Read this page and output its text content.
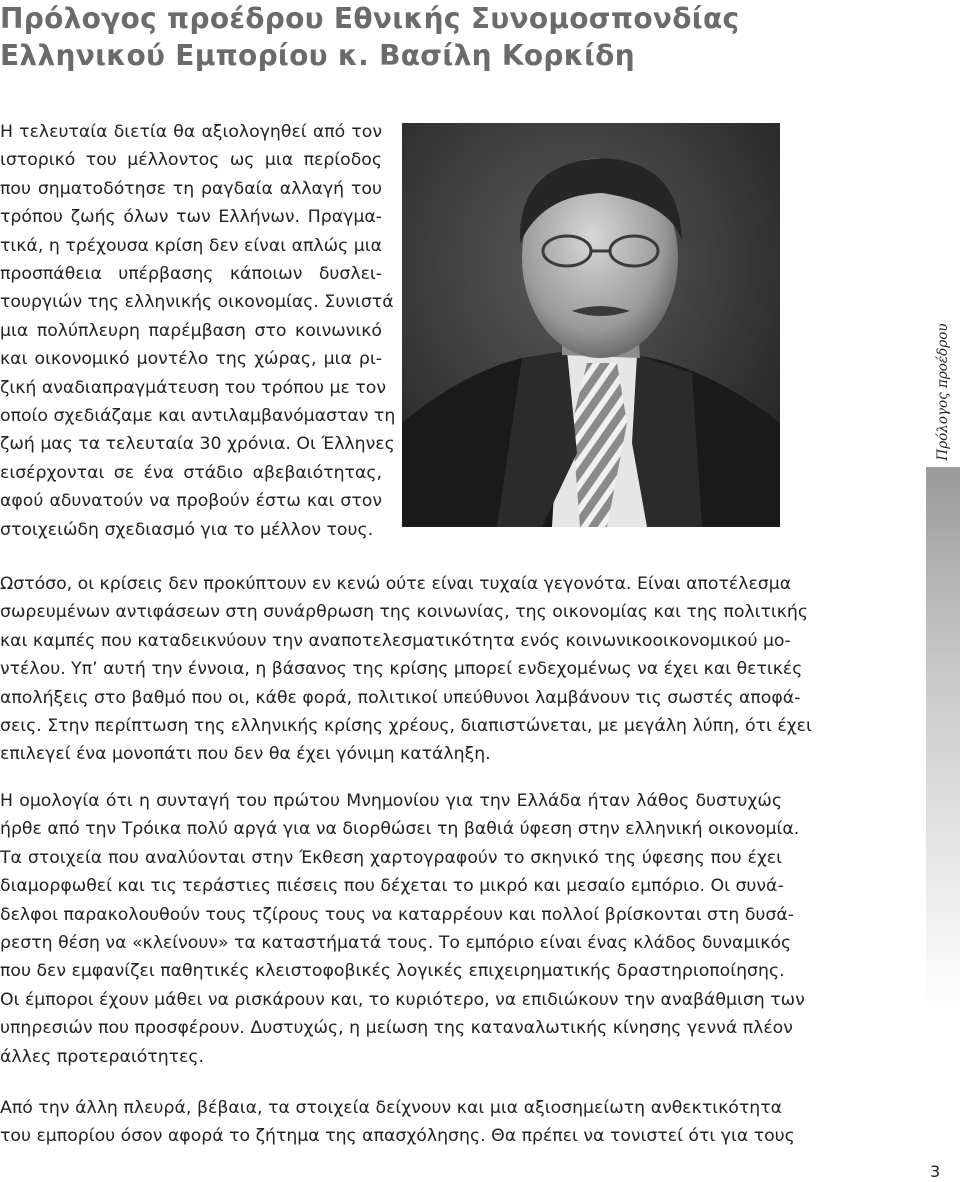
Πρόλογος προέδρου Εθνικής Συνομοσπονδίας
Ελληνικού Εμπορίου κ. Βασίλη Κορκίδη

Η τελευταία διετία θα αξιολογηθεί από τον
ιστορικό του μέλλοντος ως μια περίοδος
που σηματοδότησε τη ραγδαία αλλαγή του
τρόπου ζωής όλων των Ελλήνων. Πραγμα-
τικά, η τρέχουσα κρίση δεν είναι απλώς μια
προσπάθεια υπέρβασης κάποιων δυσλει-
τουργιών της ελληνικής οικονομίας. Συνιστά
μια πολύπλευρη παρέμβαση στο κοινωνικό
και οικονομικό μοντέλο της χώρας, μια ρι-
ζική αναδιαπραγμάτευση του τρόπου με τον
οποίο σχεδιάζαμε και αντιλαμβανόμασταν τη
ζωή μας τα τελευταία 30 χρόνια. Οι Έλληνες
εισέρχονται σε ένα στάδιο αβεβαιότητας,
αφού αδυνατούν να προβούν έστω και στον
στοιχειώδη σχεδιασμό για το μέλλον τους.

Ωστόσο, οι κρίσεις δεν προκύπτουν εν κενώ ούτε είναι τυχαία γεγονότα. Είναι αποτέλεσμα
σωρευμένων αντιφάσεων στη συνάρθρωση της κοινωνίας, της οικονομίας και της πολιτικής
και καμπές που καταδεικνύουν την αναποτελεσματικότητα ενός κοινωνικοοικονομικού μο-
ντέλου. Υπ’ αυτή την έννοια, η βάσανος της κρίσης μπορεί ενδεχομένως να έχει και θετικές
απολήξεις στο βαθμό που οι, κάθε φορά, πολιτικοί υπεύθυνοι λαμβάνουν τις σωστές αποφά-
σεις. Στην περίπτωση της ελληνικής κρίσης χρέους, διαπιστώνεται, με μεγάλη λύπη, ότι έχει
επιλεγεί ένα μονοπάτι που δεν θα έχει γόνιμη κατάληξη.

Η ομολογία ότι η συνταγή του πρώτου Μνημονίου για την Ελλάδα ήταν λάθος δυστυχώς
ήρθε από την Τρόικα πολύ αργά για να διορθώσει τη βαθιά ύφεση στην ελληνική οικονομία.
Τα στοιχεία που αναλύονται στην Έκθεση χαρτογραφούν το σκηνικό της ύφεσης που έχει
διαμορφωθεί και τις τεράστιες πιέσεις που δέχεται το μικρό και μεσαίο εμπόριο. Οι συνά-
δελφοι παρακολουθούν τους τζίρους τους να καταρρέουν και πολλοί βρίσκονται στη δυσά-
ρεστη θέση να «κλείνουν» τα καταστήματά τους. Το εμπόριο είναι ένας κλάδος δυναμικός
που δεν εμφανίζει παθητικές κλειστοφοβικές λογικές επιχειρηματικής δραστηριοποίησης.
Οι έμποροι έχουν μάθει να ρισκάρουν και, το κυριότερο, να επιδιώκουν την αναβάθμιση των
υπηρεσιών που προσφέρουν. Δυστυχώς, η μείωση της καταναλωτικής κίνησης γεννά πλέον
άλλες προτεραιότητες.

Από την άλλη πλευρά, βέβαια, τα στοιχεία δείχνουν και μια αξιοσημείωτη ανθεκτικότητα
του εμπορίου όσον αφορά το ζήτημα της απασχόλησης. Θα πρέπει να τονιστεί ότι για τους

Πρόλογος προέδρου
3
